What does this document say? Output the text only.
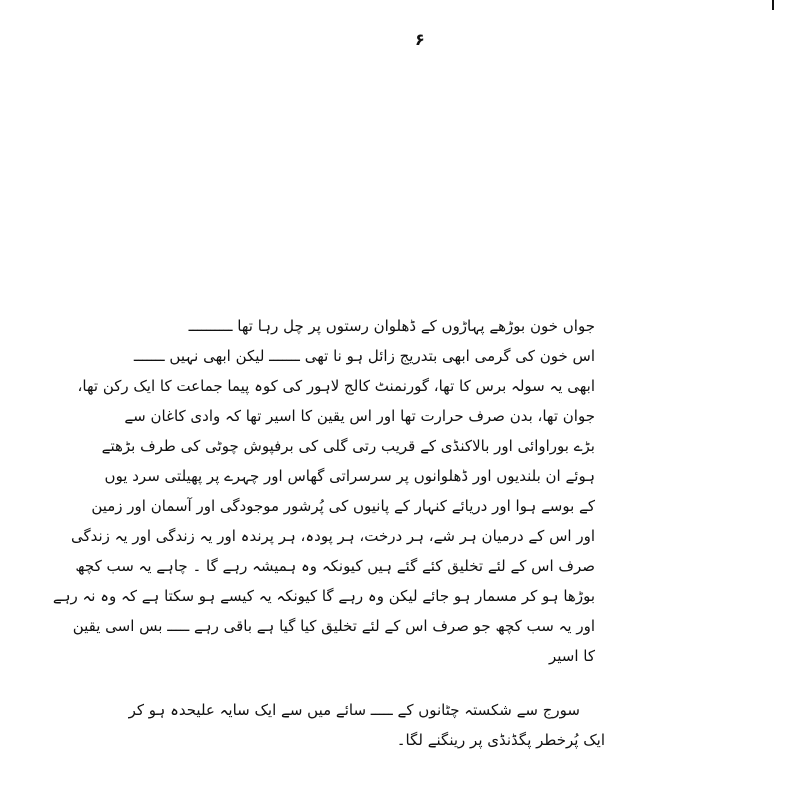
۶
جواں خون بوڑھے پہاڑوں کے ڈھلوان رستوں پر چل رہا تھا ــــــــــ
اس خون کی گرمی ابھی بتدریج زائل ہو نا تھی ـــــــ لیکن ابھی نہیں ـــــــ
ابھی یہ سولہ برس کا تھا، گورنمنٹ کالج لاہور کی کوہ پیما جماعت کا ایک رکن تھا،
جوان تھا، بدن صرف حرارت تھا اور اس یقین کا اسیر تھا کہ وادی کاغان سے
بڑے بوراوائی اور بالاکنڈی کے قریب رتی گلی کی برفپوش چوٹی کی طرف بڑھتے
ہوئے ان بلندیوں اور ڈھلوانوں پر سرسراتی گھاس اور چہرے پر پھیلتی سرد یوں
کے بوسے ہوا اور دریائے کنہار کے پانیوں کی پُرشور موجودگی اور آسمان اور زمین
اور اس کے درمیان ہر شے، ہر درخت، ہر پودہ، ہر پرندہ اور یہ زندگی اور یہ زندگی
صرف اس کے لئے تخلیق کئے گئے ہیں کیونکہ وہ ہمیشہ رہے گا ۔ چاہے یہ سب کچھ
بوڑھا ہو کر مسمار ہو جائے لیکن وہ رہے گا کیونکہ یہ کیسے ہو سکتا ہے کہ وہ نہ رہے
اور یہ سب کچھ جو صرف اس کے لئے تخلیق کیا گیا ہے باقی رہے ـــــ بس اسی یقین
کا اسیر
سورج سے شکستہ چٹانوں کے ـــــ سائے میں سے ایک سایہ علیحدہ ہو کر
ایک پُرخطر پگڈنڈی پر رینگنے لگا۔
